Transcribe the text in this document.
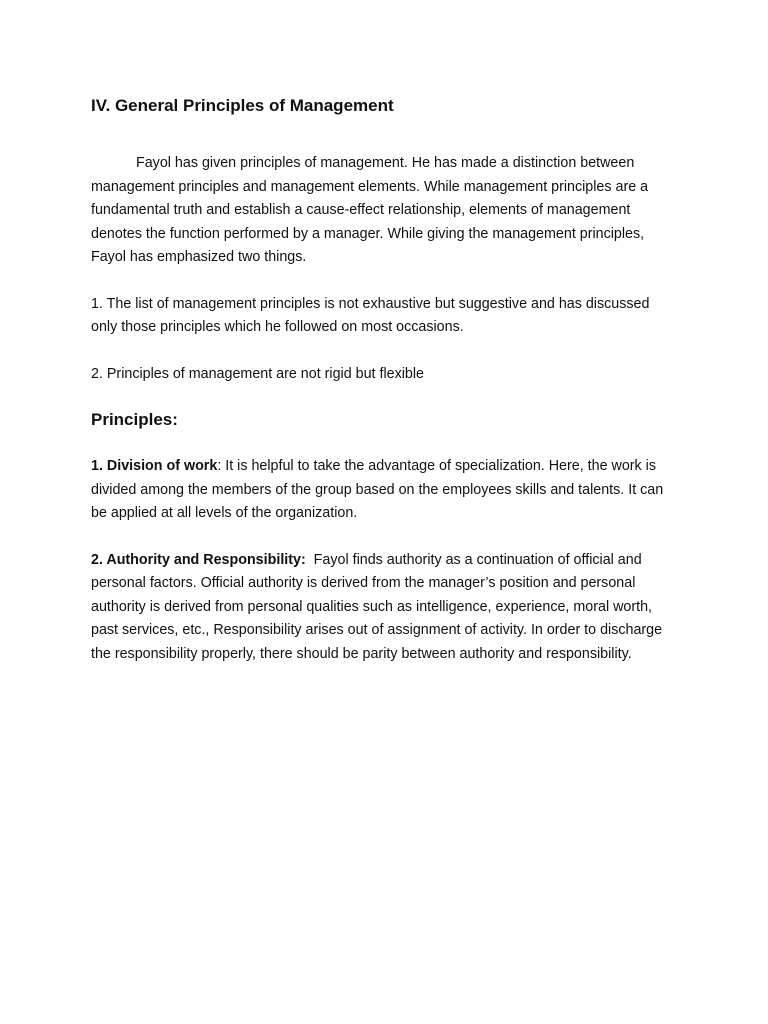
IV. General Principles of Management

Fayol has given principles of management. He has made a distinction between management principles and management elements. While management principles are a fundamental truth and establish a cause-effect relationship, elements of management denotes the function performed by a manager. While giving the management principles, Fayol has emphasized two things.

1. The list of management principles is not exhaustive but suggestive and has discussed only those principles which he followed on most occasions.

2. Principles of management are not rigid but flexible

Principles:

1. Division of work: It is helpful to take the advantage of specialization. Here, the work is divided among the members of the group based on the employees skills and talents. It can be applied at all levels of the organization.

2. Authority and Responsibility:  Fayol finds authority as a continuation of official and personal factors. Official authority is derived from the manager’s position and personal authority is derived from personal qualities such as intelligence, experience, moral worth, past services, etc., Responsibility arises out of assignment of activity. In order to discharge the responsibility properly, there should be parity between authority and responsibility.
